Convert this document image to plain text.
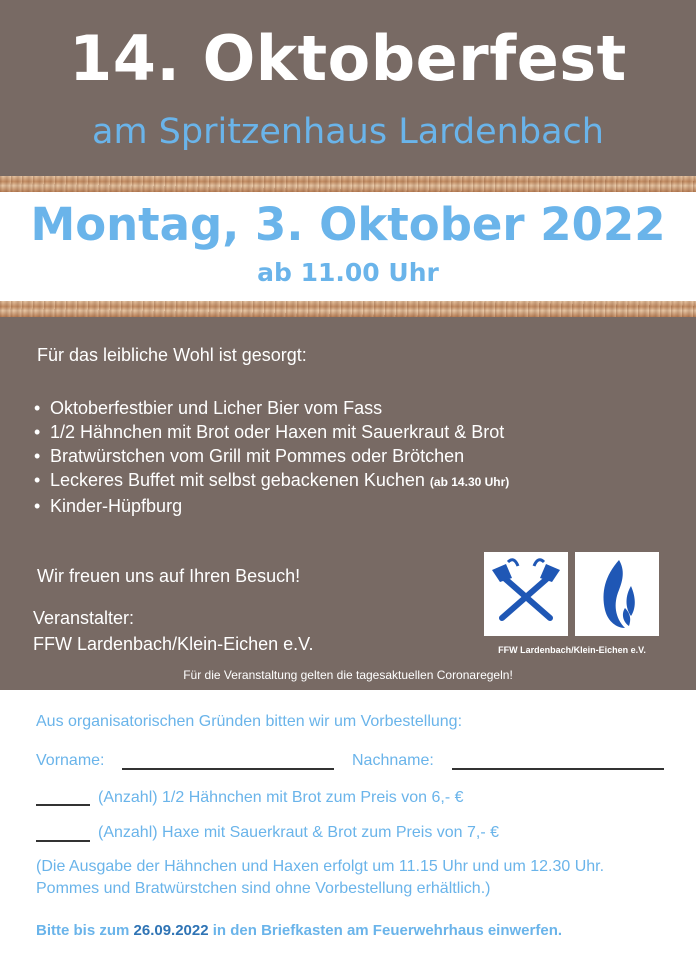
14. Oktoberfest
am Spritzenhaus Lardenbach
Montag, 3. Oktober 2022
ab 11.00 Uhr
Für das leibliche Wohl ist gesorgt:
• Oktoberfestbier und Licher Bier vom Fass
• 1/2 Hähnchen mit Brot oder Haxen mit Sauerkraut & Brot
• Bratwürstchen vom Grill mit Pommes oder Brötchen
• Leckeres Buffet mit selbst gebackenen Kuchen (ab 14.30 Uhr)
• Kinder-Hüpfburg
Wir freuen uns auf Ihren Besuch!
Veranstalter:
FFW Lardenbach/Klein-Eichen e.V.	FFW Lardenbach/Klein-Eichen e.V.
Für die Veranstaltung gelten die tagesaktuellen Coronaregeln!
Aus organisatorischen Gründen bitten wir um Vorbestellung:
Vorname:	Nachname:
(Anzahl) 1/2 Hähnchen mit Brot zum Preis von 6,- €
(Anzahl) Haxe mit Sauerkraut & Brot zum Preis von 7,- €
(Die Ausgabe der Hähnchen und Haxen erfolgt um 11.15 Uhr und um 12.30 Uhr.
Pommes und Bratwürstchen sind ohne Vorbestellung erhältlich.)
Bitte bis zum 26.09.2022 in den Briefkasten am Feuerwehrhaus einwerfen.
